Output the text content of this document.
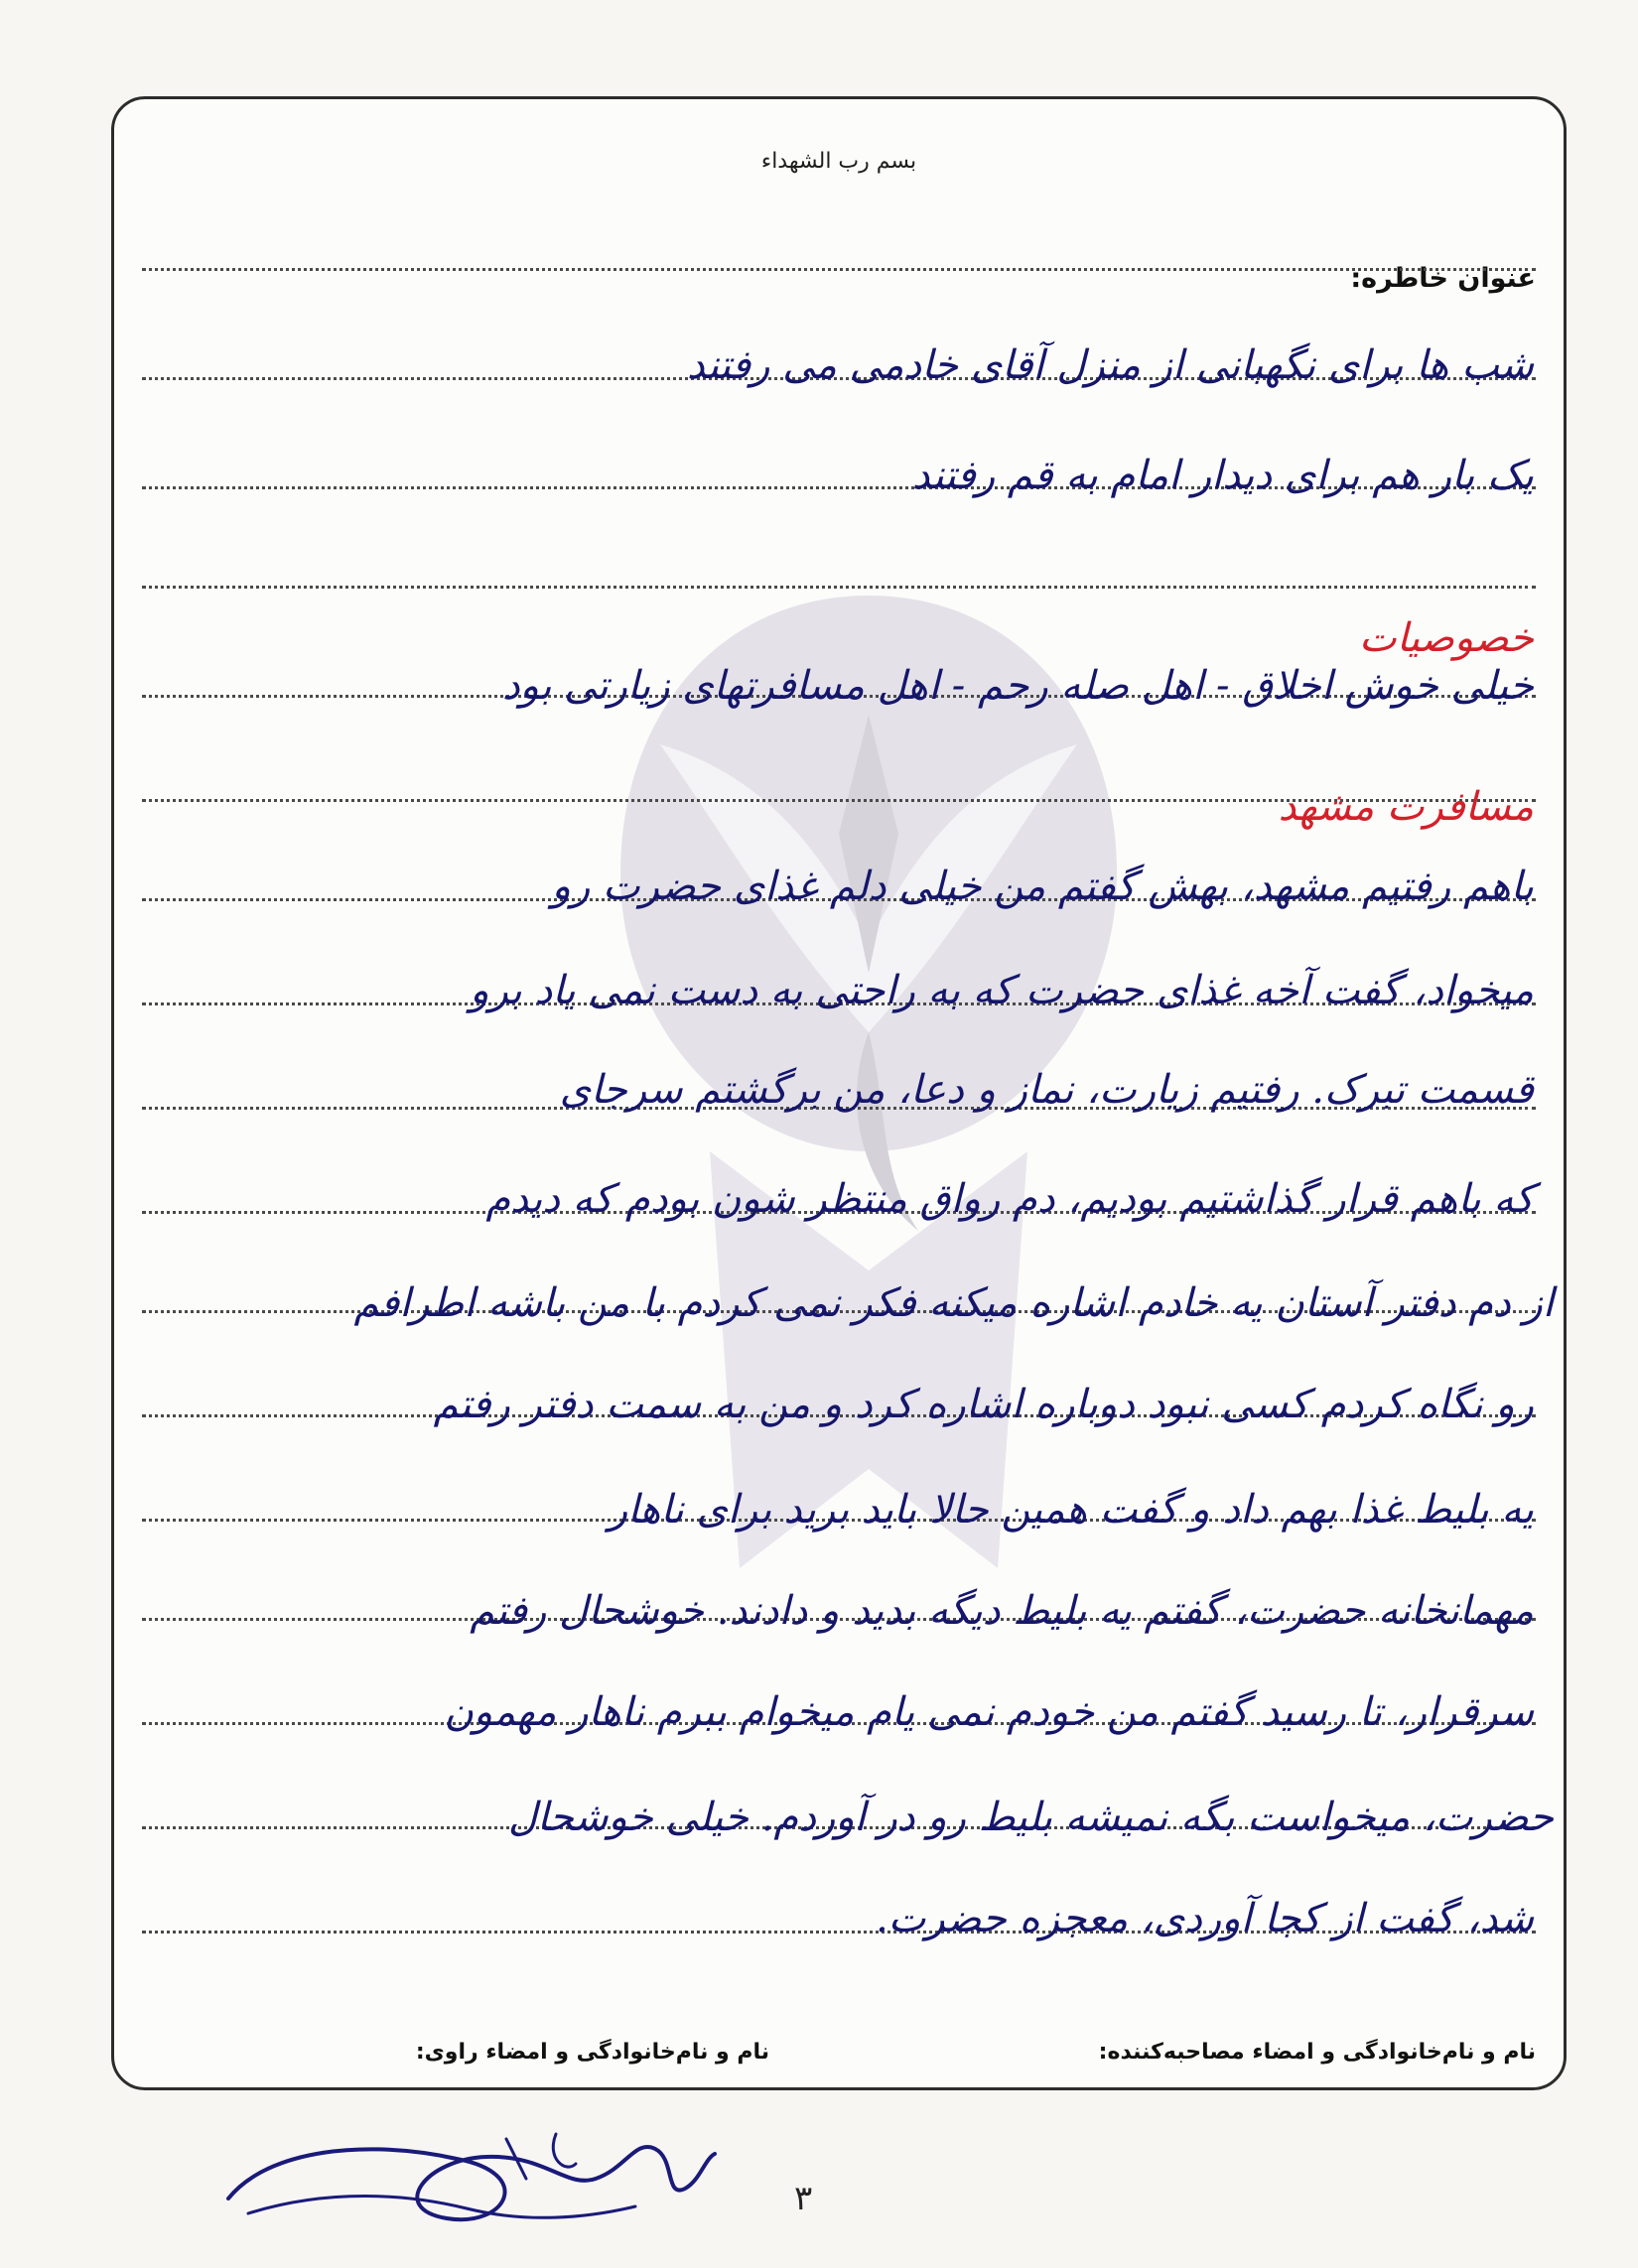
بسم رب الشهداء
عنوان خاطره:
شب ها برای نگهبانی از منزل آقای خادمی می رفتند
یک بار هم برای دیدار امام به قم رفتند
خصوصیات
خیلی خوش اخلاق - اهل صله رحم - اهل مسافرتهای زیارتی بود
مسافرت مشهد
باهم رفتیم مشهد، بهش گفتم من خیلی دلم غذای حضرت رو
میخواد، گفت آخه غذای حضرت که به راحتی به دست نمی یاد برو
قسمت تبرک. رفتیم زیارت، نماز و دعا، من برگشتم سرجای
که باهم قرار گذاشتیم بودیم، دم رواق منتظر شون بودم که دیدم
از دم دفتر آستان یه خادم اشاره میکنه فکر نمی کردم با من باشه اطرافم
رو نگاه کردم کسی نبود دوباره اشاره کرد و من به سمت دفتر رفتم
یه بلیط غذا بهم داد و گفت همین حالا باید برید برای ناهار
مهمانخانه حضرت، گفتم یه بلیط دیگه بدید و دادند. خوشحال رفتم
سرقرار، تا رسید گفتم من خودم نمی یام میخوام ببرم ناهار مهمون
حضرت، میخواست بگه نمیشه بلیط رو در آوردم. خیلی خوشحال
شد، گفت از کجا آوردی، معجزه حضرت.
نام و نام‌خانوادگی و امضاء مصاحبه‌کننده:
نام و نام‌خانوادگی و امضاء راوی:
٣
